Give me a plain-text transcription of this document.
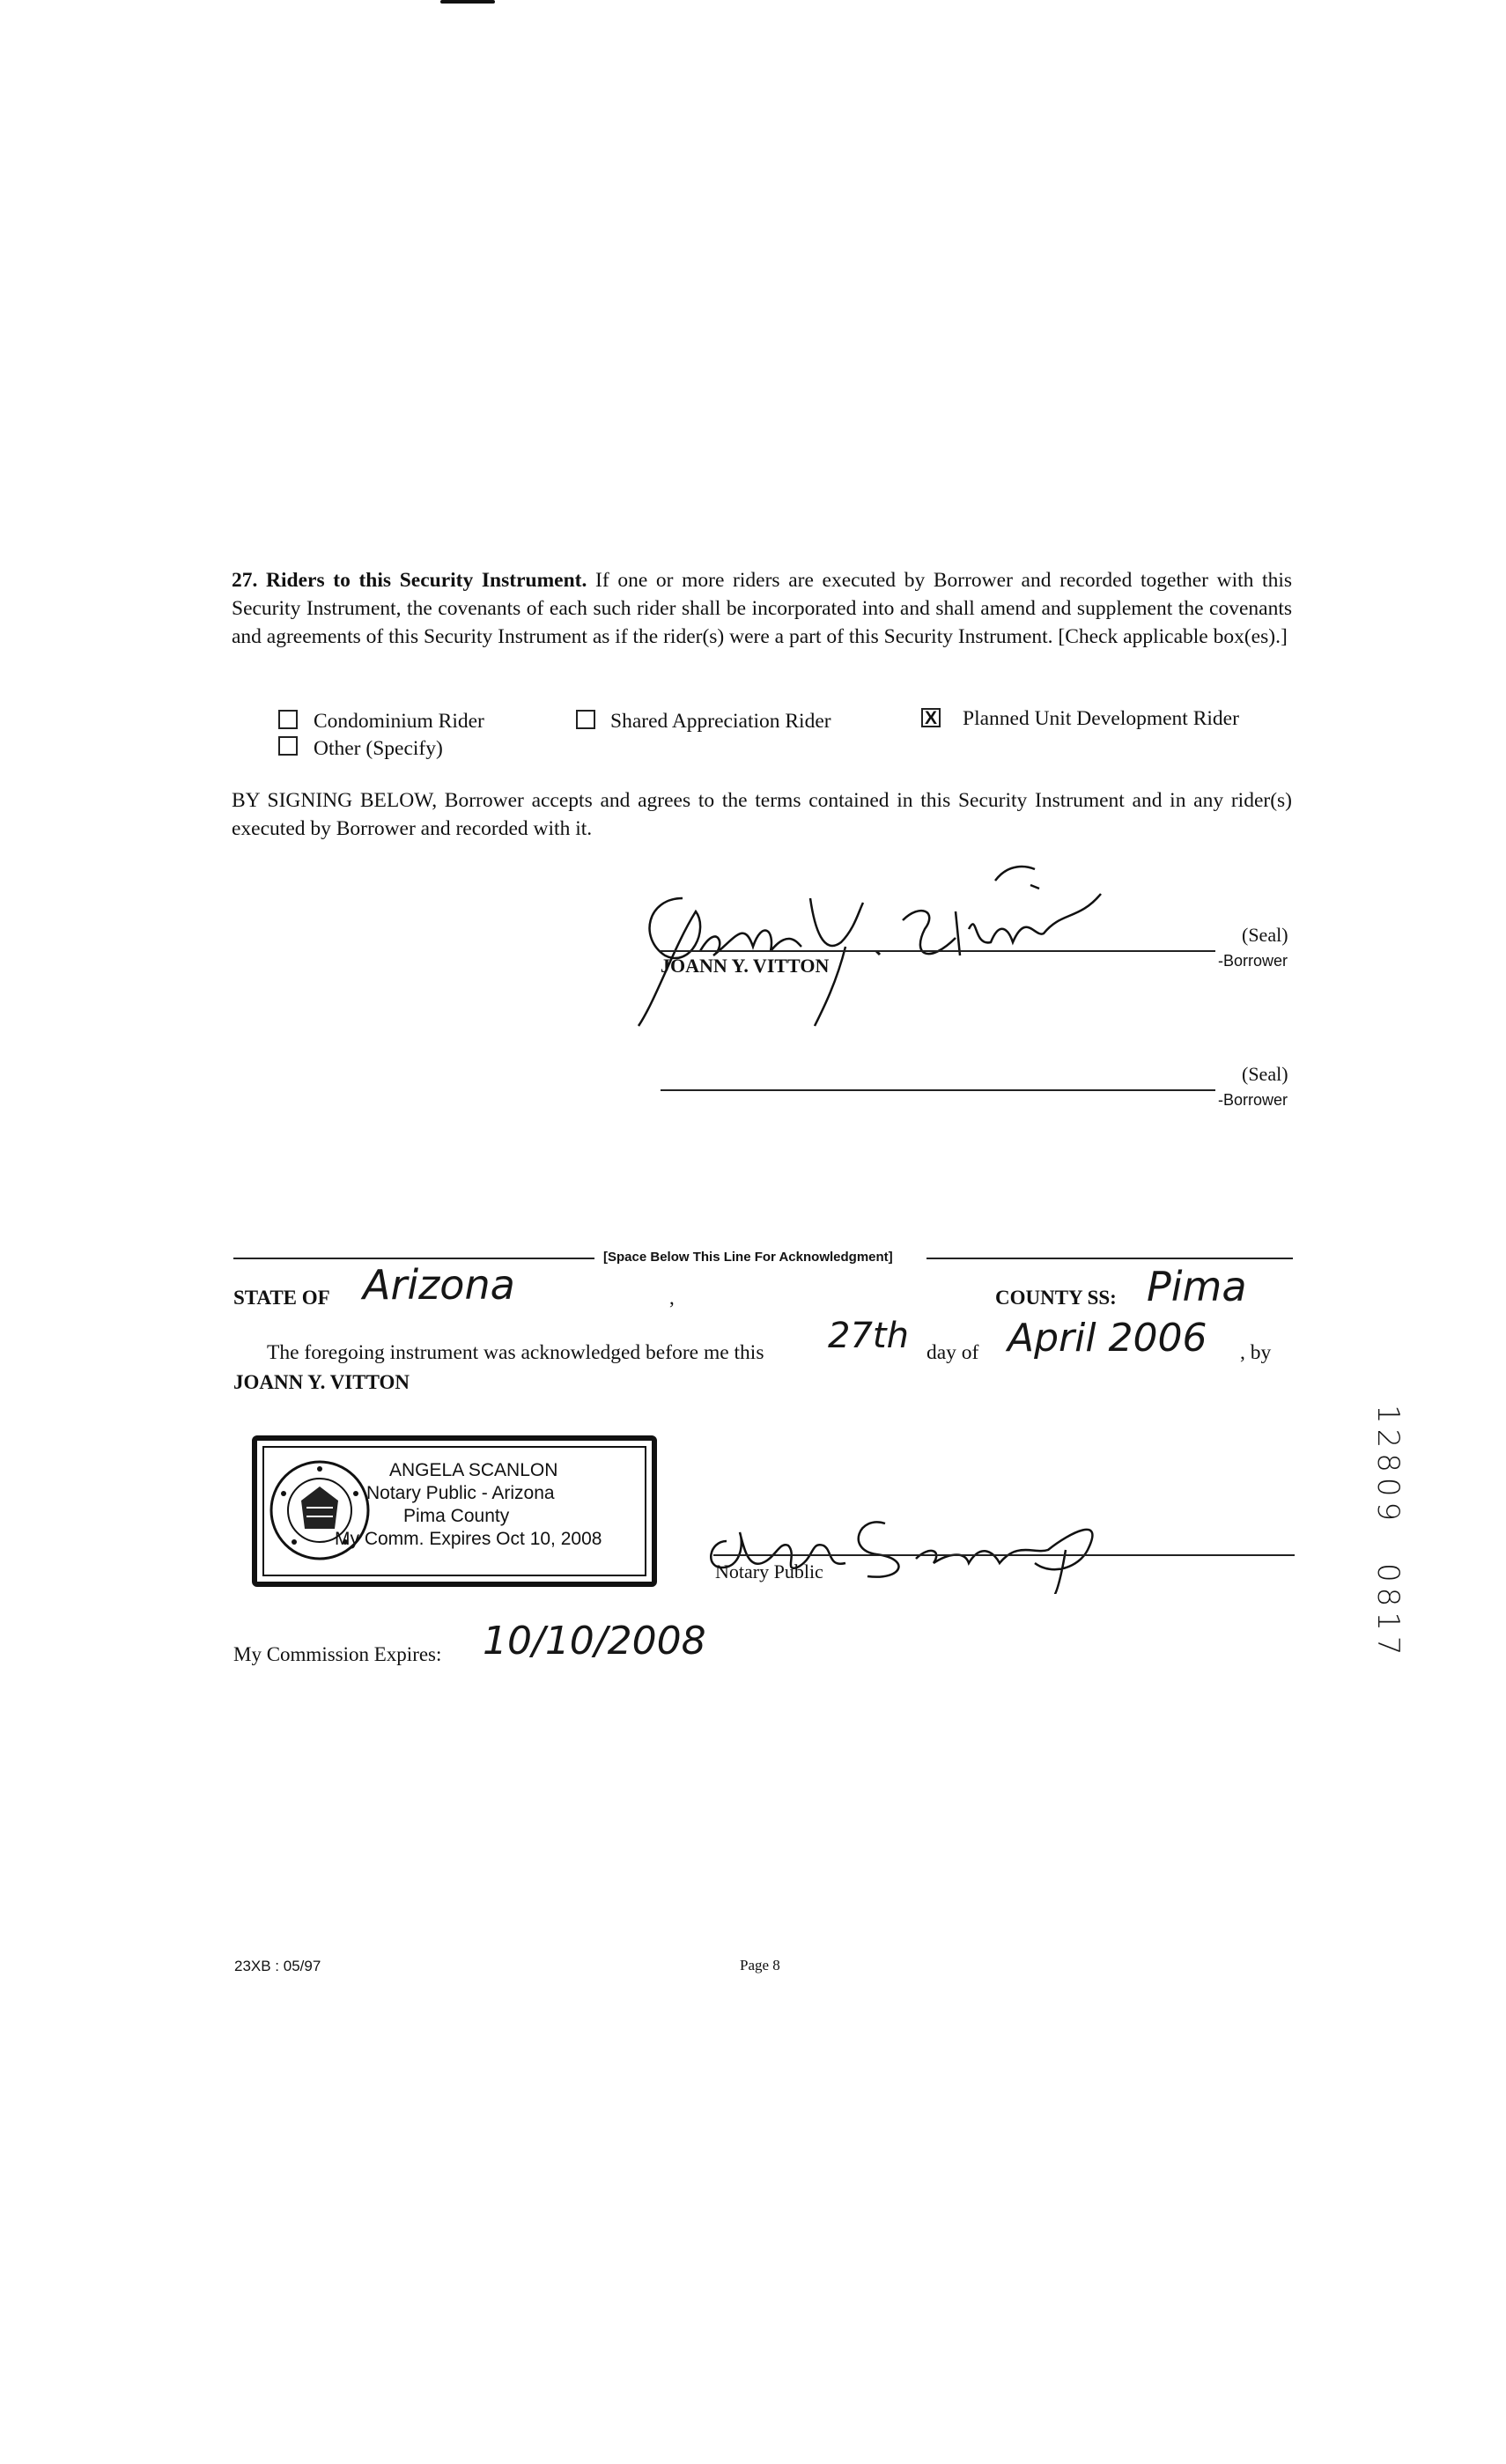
27. Riders to this Security Instrument. If one or more riders are executed by Borrower and recorded together with this Security Instrument, the covenants of each such rider shall be incorporated into and shall amend and supplement the covenants and agreements of this Security Instrument as if the rider(s) were a part of this Security Instrument. [Check applicable box(es).]
Condominium Rider
Other (Specify)
Shared Appreciation Rider	X Planned Unit Development Rider
BY SIGNING BELOW, Borrower accepts and agrees to the terms contained in this Security Instrument and in any rider(s) executed by Borrower and recorded with it.
JOANN Y. VITTON
(Seal)
-Borrower
(Seal)
-Borrower
[Space Below This Line For Acknowledgment]
STATE OF Arizona	,	COUNTY SS: Pima
The foregoing instrument was acknowledged before me this 27th day of April 2006 , by
JOANN Y. VITTON
ANGELA SCANLON
Notary Public - Arizona
Pima County
My Comm. Expires Oct 10, 2008
Notary Public
My Commission Expires: 10/10/2008
23XB : 05/97	Page 8
12809
0817
